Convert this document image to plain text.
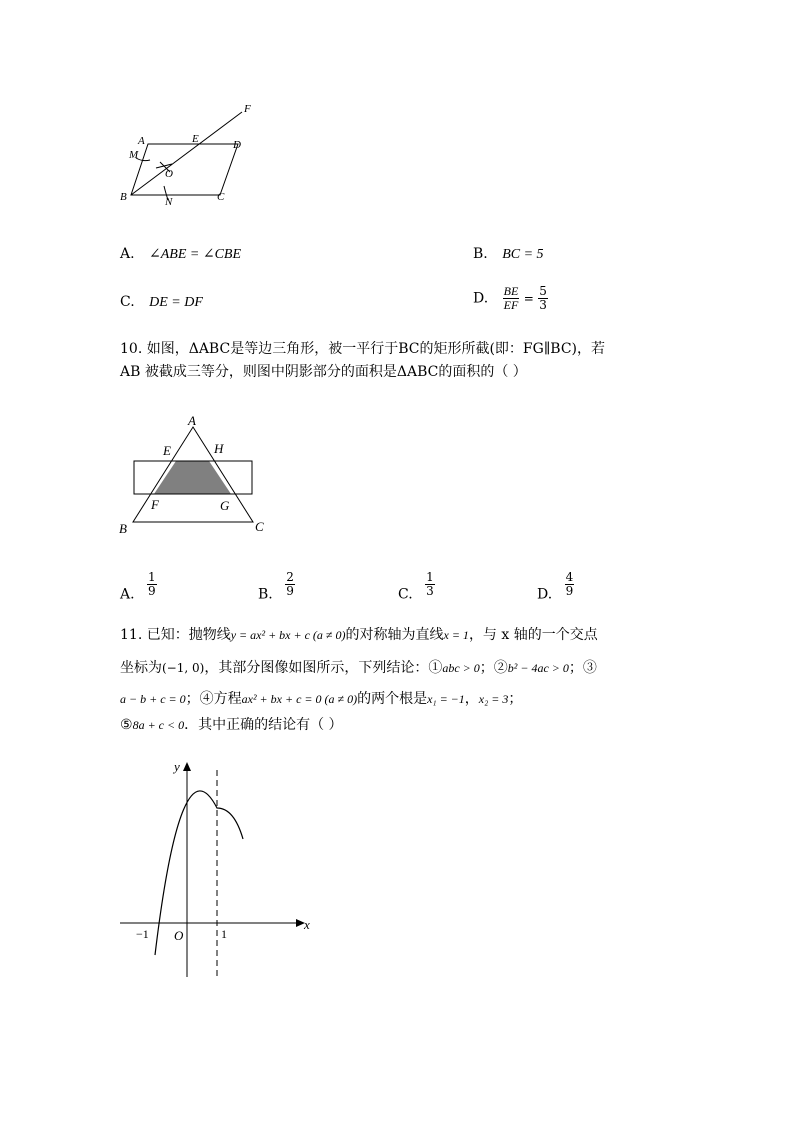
F
A	E	D
M
O
B	N	C
A. ∠ABE = ∠CBE	B. BC = 5
C. DE = DF	D. $\frac{BE}{EF} = \frac{5}{3}$
10. 如图，ΔABC是等边三角形，被一平行于BC的矩形所截(即：FG∥BC)，若
AB 被截成三等分，则图中阴影部分的面积是ΔABC的面积的（ ）
A
E	H
F	G
B	C
A. $\frac{1}{9}$	B. $\frac{2}{9}$	C. $\frac{1}{3}$	D. $\frac{4}{9}$
11. 已知：抛物线y = ax² + bx + c (a ≠ 0)的对称轴为直线x = 1，与 x 轴的一个交点
坐标为(−1, 0)，其部分图像如图所示，下列结论：①abc > 0；②b² − 4ac > 0；③
a − b + c = 0；④方程ax² + bx + c = 0 (a ≠ 0)的两个根是x₁ = −1，x₂ = 3；
⑤8a + c < 0．其中正确的结论有（ ）
y
x
O
−1	1
